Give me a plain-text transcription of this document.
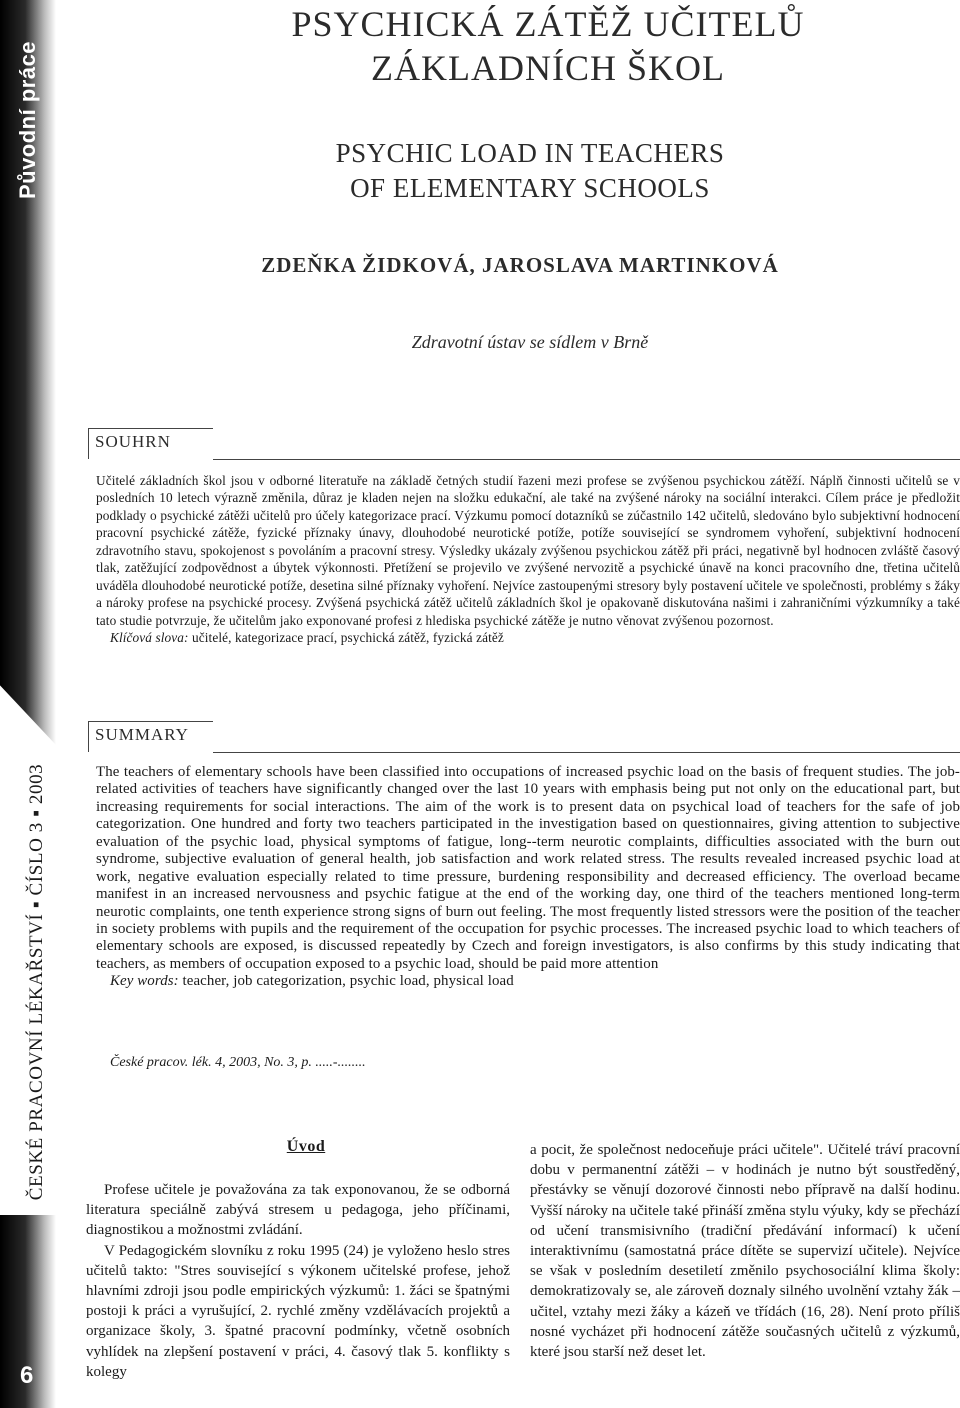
Původní práce
ČESKÉ PRACOVNÍ LÉKAŘSTVÍ ▪ ČÍSLO 3 ▪ 2003
6
PSYCHICKÁ ZÁTĚŽ UČITELŮ
ZÁKLADNÍCH ŠKOL
PSYCHIC LOAD IN TEACHERS
OF ELEMENTARY SCHOOLS
ZDEŇKA ŽIDKOVÁ, JAROSLAVA MARTINKOVÁ
Zdravotní ústav se sídlem v Brně
SOUHRN
Učitelé základních škol jsou v odborné literatuře na základě četných studií řazeni mezi profese se zvýšenou psychickou zátěží. Náplň činnosti učitelů se v posledních 10 letech výrazně změnila, důraz je kladen nejen na složku edukační, ale také na zvýšené nároky na sociální interakci. Cílem práce je předložit podklady o psychické zátěži učitelů pro účely kategorizace prací. Výzkumu pomocí dotazníků se zúčastnilo 142 učitelů, sledováno bylo subjektivní hodnocení pracovní psychické zátěže, fyzické příznaky únavy, dlouhodobé neurotické potíže, potíže související se syndromem vyhoření, subjektivní hodnocení zdravotního stavu, spokojenost s povoláním a pracovní stresy. Výsledky ukázaly zvýšenou psychickou zátěž při práci, negativně byl hodnocen zvláště časový tlak, zatěžující zodpovědnost a úbytek výkonnosti. Přetížení se projevilo ve zvýšené nervozitě a psychické únavě na konci pracovního dne, třetina učitelů uváděla dlouhodobé neurotické potíže, desetina silné příznaky vyhoření. Nejvíce zastoupenými stresory byly postavení učitele ve společnosti, problémy s žáky a nároky profese na psychické procesy. Zvýšená psychická zátěž učitelů základních škol je opakovaně diskutována našimi i zahraničními výzkumníky a také tato studie potvrzuje, že učitelům jako exponované profesi z hlediska psychické zátěže je nutno věnovat zvýšenou pozornost.
Klíčová slova: učitelé, kategorizace prací, psychická zátěž, fyzická zátěž
SUMMARY
The teachers of elementary schools have been classified into occupations of increased psychic load on the basis of frequent studies. The job-related activities of teachers have significantly changed over the last 10 years with emphasis being put not only on the educational part, but increasing requirements for social interactions. The aim of the work is to present data on psychical load of teachers for the safe of job categorization. One hundred and forty two teachers participated in the investigation based on questionnaires, giving attention to subjective evaluation of the psychic load, physical symptoms of fatigue, long--term neurotic complaints, difficulties associated with the burn out syndrome, subjective evaluation of general health, job satisfaction and work related stress. The results revealed increased psychic load at work, negative evaluation especially related to time pressure, burdening responsibility and decreased efficiency. The overload became manifest in an increased nervousness and psychic fatigue at the end of the working day, one third of the teachers mentioned long-term neurotic complaints, one tenth experience strong signs of burn out feeling. The most frequently listed stressors were the position of the teacher in society problems with pupils and the requirement of the occupation for psychic processes. The increased psychic load to which teachers of elementary schools are exposed, is discussed repeatedly by Czech and foreign investigators, is also confirms by this study indicating that teachers, as members of occupation exposed to a psychic load, should be paid more attention
Key words: teacher, job categorization, psychic load, physical load
České pracov. lék. 4, 2003, No. 3, p. .....-........
Úvod

Profese učitele je považována za tak exponovanou, že se odborná literatura speciálně zabývá stresem u pedagoga, jeho příčinami, diagnostikou a možnostmi zvládání.

V Pedagogickém slovníku z roku 1995 (24) je vyloženo heslo stres učitelů takto: "Stres související s výkonem učitelské profese, jehož hlavními zdroji jsou podle empirických výzkumů: 1. žáci se špatnými postoji k práci a vyrušující, 2. rychlé změny vzdělávacích projektů a organizace školy, 3. špatné pracovní podmínky, včetně osobních vyhlídek na zlepšení postavení v práci, 4. časový tlak 5. konflikty s kolegy

a pocit, že společnost nedoceňuje práci učitele". Učitelé tráví pracovní dobu v permanentní zátěži – v hodinách je nutno být soustředěný, přestávky se věnují dozorové činnosti nebo přípravě na další hodinu. Vyšší nároky na učitele také přináší změna stylu výuky, kdy se přechází od učení transmisivního (tradiční předávání informací) k učení interaktivnímu (samostatná práce dítěte se supervizí učitele). Nejvíce se však v posledním desetiletí změnilo psychosociální klima školy: demokratizovaly se, ale zároveň doznaly silného uvolnění vztahy žák – učitel, vztahy mezi žáky a kázeň ve třídách (16, 28). Není proto příliš nosné vycházet při hodnocení zátěže současných učitelů z výzkumů, které jsou starší než deset let.
